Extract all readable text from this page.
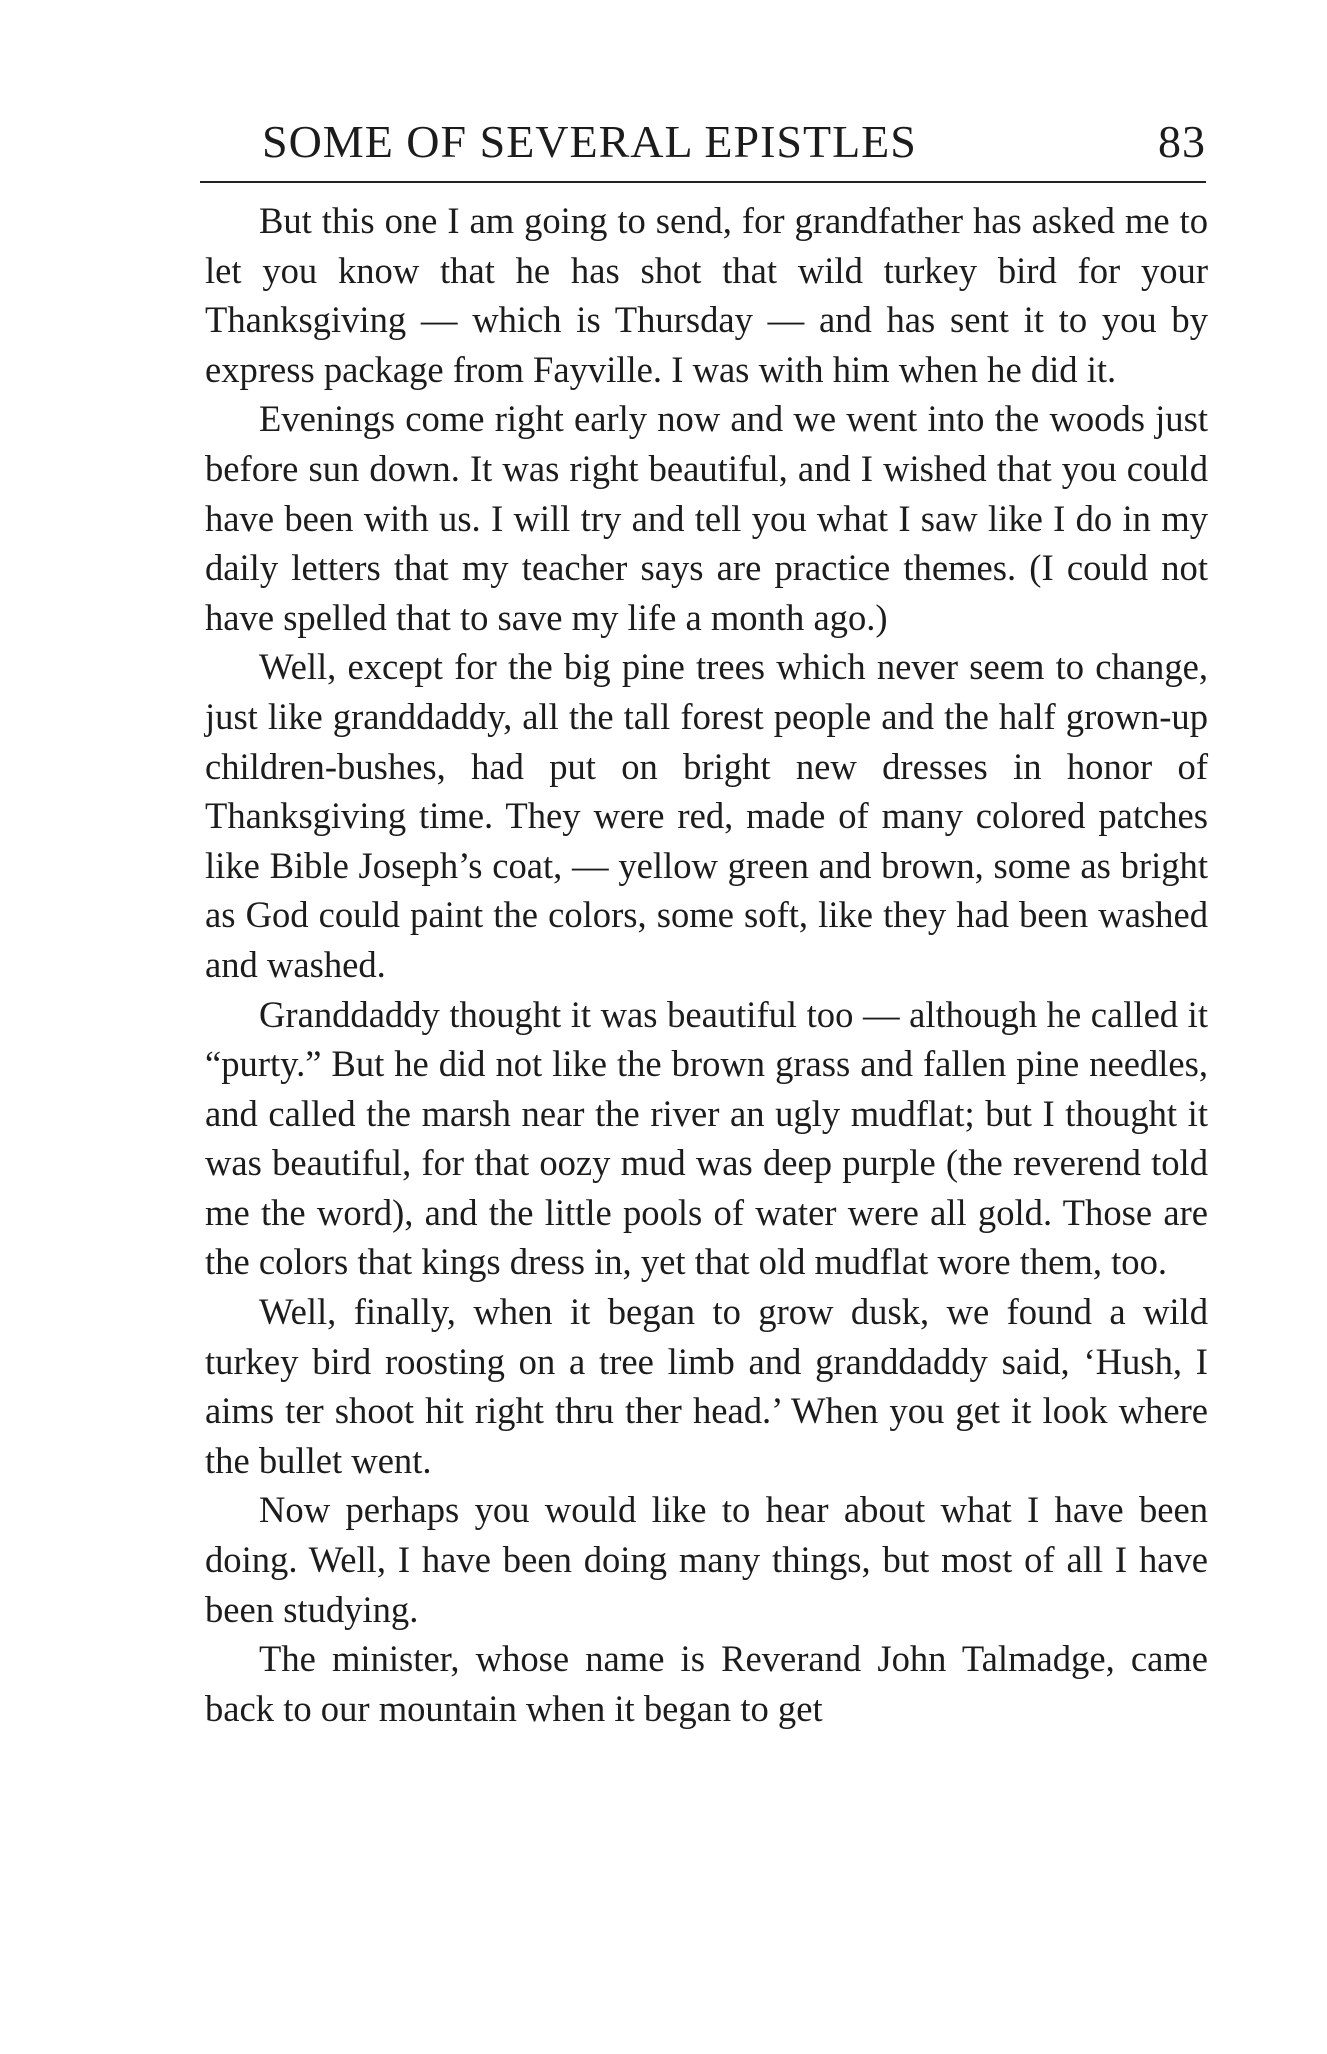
SOME OF SEVERAL EPISTLES	83

But this one I am going to send, for grandfather has asked me to let you know that he has shot that wild turkey bird for your Thanksgiving — which is Thursday — and has sent it to you by express package from Fayville. I was with him when he did it.

Evenings come right early now and we went into the woods just before sun down. It was right beautiful, and I wished that you could have been with us. I will try and tell you what I saw like I do in my daily letters that my teacher says are practice themes. (I could not have spelled that to save my life a month ago.)

Well, except for the big pine trees which never seem to change, just like granddaddy, all the tall forest people and the half grown-up children-bushes, had put on bright new dresses in honor of Thanksgiving time. They were red, made of many colored patches like Bible Joseph’s coat, — yellow green and brown, some as bright as God could paint the colors, some soft, like they had been washed and washed.

Granddaddy thought it was beautiful too — although he called it “purty.” But he did not like the brown grass and fallen pine needles, and called the marsh near the river an ugly mudflat; but I thought it was beautiful, for that oozy mud was deep purple (the reverend told me the word), and the little pools of water were all gold. Those are the colors that kings dress in, yet that old mudflat wore them, too.

Well, finally, when it began to grow dusk, we found a wild turkey bird roosting on a tree limb and granddaddy said, ‘Hush, I aims ter shoot hit right thru ther head.’ When you get it look where the bullet went.

Now perhaps you would like to hear about what I have been doing. Well, I have been doing many things, but most of all I have been studying.

The minister, whose name is Reverand John Talmadge, came back to our mountain when it began to get
